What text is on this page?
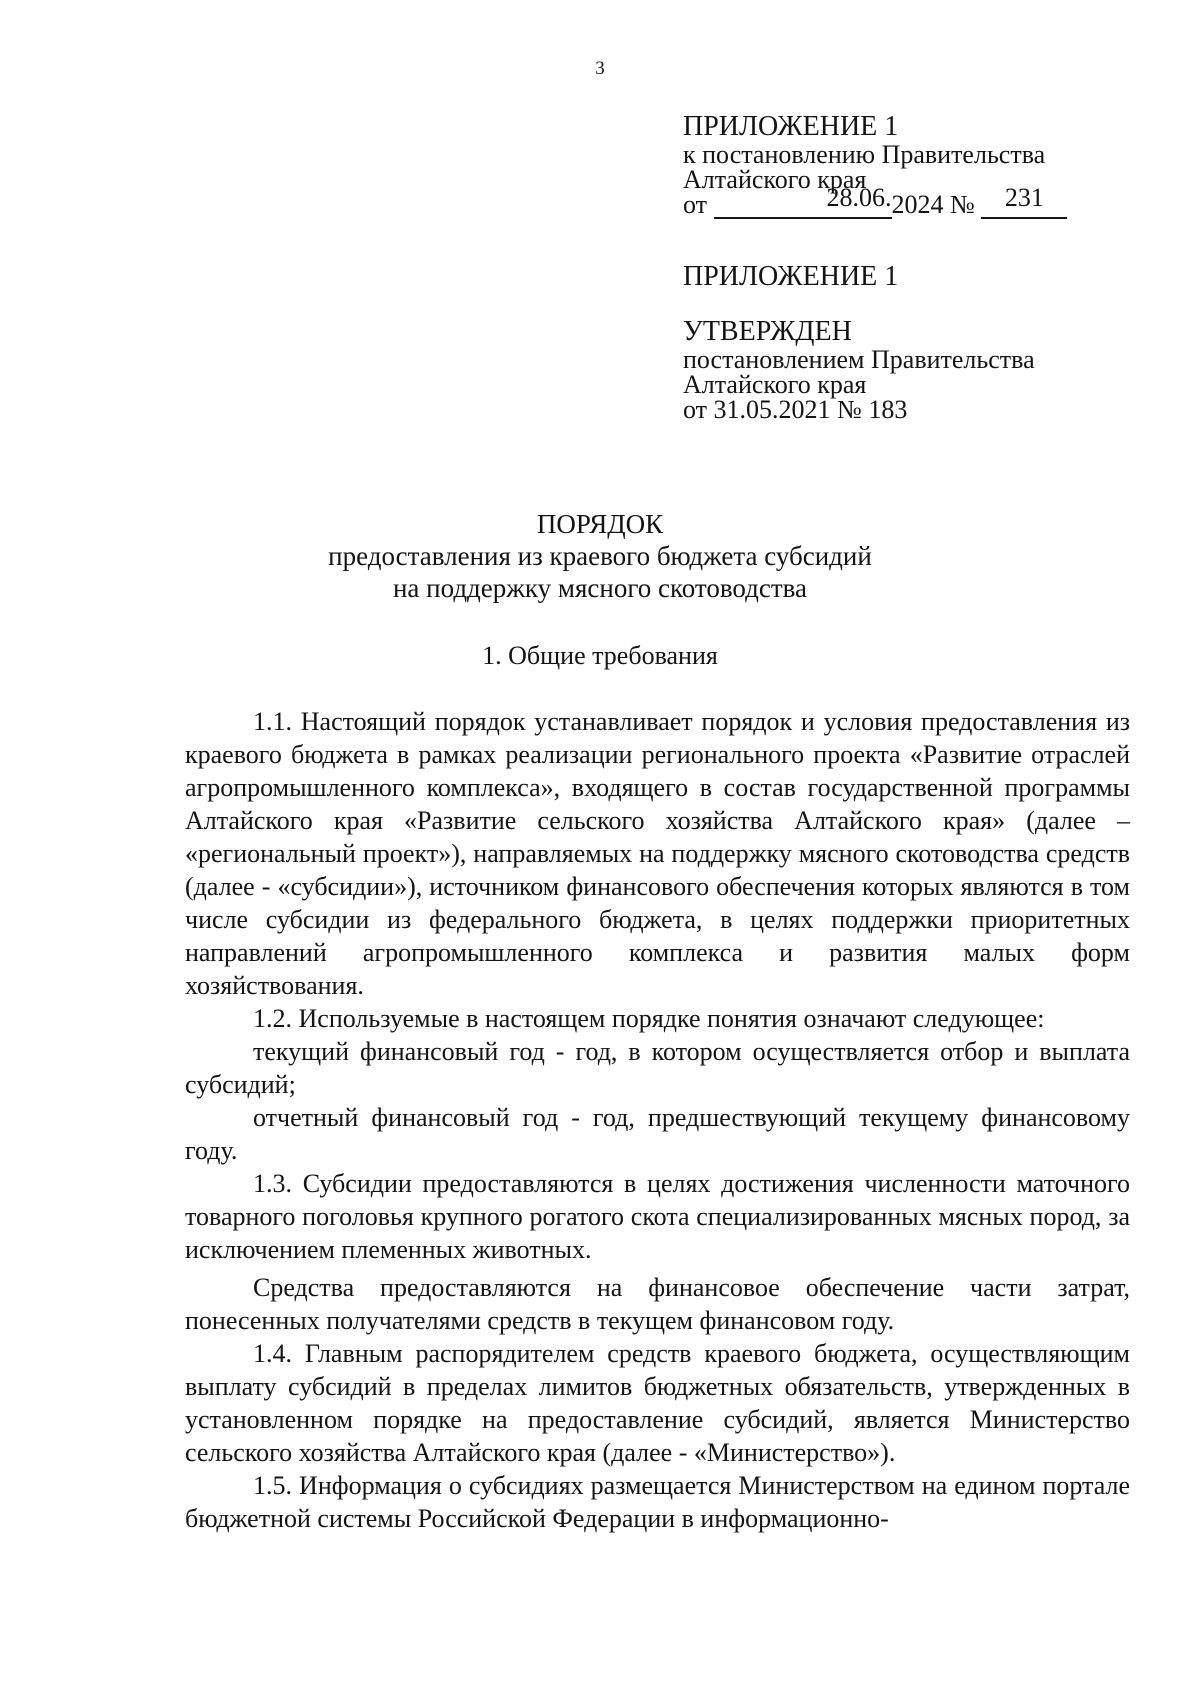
3
ПРИЛОЖЕНИЕ 1
к постановлению Правительства
Алтайского края
от	28.06.2024 № 231
ПРИЛОЖЕНИЕ 1
УТВЕРЖДЕН
постановлением Правительства
Алтайского края
от 31.05.2021 № 183
ПОРЯДОК
предоставления из краевого бюджета субсидий
на поддержку мясного скотоводства
1. Общие требования

1.1. Настоящий порядок устанавливает порядок и условия предоставления из краевого бюджета в рамках реализации регионального проекта «Развитие отраслей агропромышленного комплекса», входящего в состав государственной программы Алтайского края «Развитие сельского хозяйства Алтайского края» (далее – «региональный проект»), направляемых на поддержку мясного скотоводства средств (далее - «субсидии»), источником финансового обеспечения которых являются в том числе субсидии из федерального бюджета, в целях поддержки приоритетных направлений агропромышленного комплекса и развития малых форм хозяйствования.

1.2. Используемые в настоящем порядке понятия означают следующее:

текущий финансовый год - год, в котором осуществляется отбор и выплата субсидий;

отчетный финансовый год - год, предшествующий текущему финансовому году.

1.3. Субсидии предоставляются в целях достижения численности маточного товарного поголовья крупного рогатого скота специализированных мясных пород, за исключением племенных животных.

Средства предоставляются на финансовое обеспечение части затрат, понесенных получателями средств в текущем финансовом году.

1.4. Главным распорядителем средств краевого бюджета, осуществляющим выплату субсидий в пределах лимитов бюджетных обязательств, утвержденных в установленном порядке на предоставление субсидий, является Министерство сельского хозяйства Алтайского края (далее - «Министерство»).

1.5. Информация о субсидиях размещается Министерством на едином портале бюджетной системы Российской Федерации в информационно-
